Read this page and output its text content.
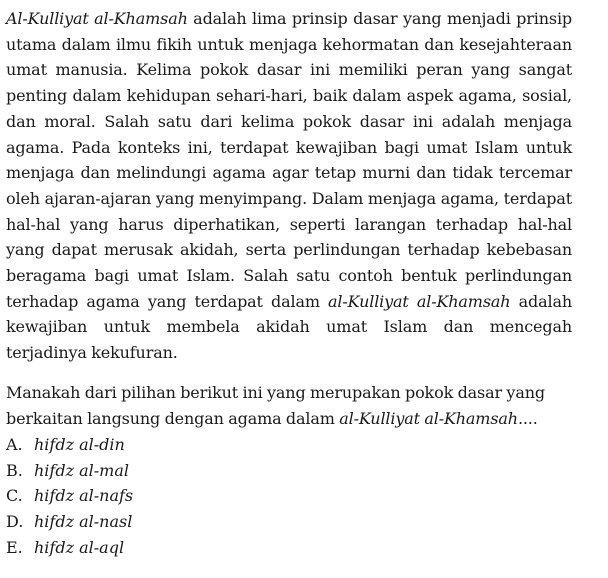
Al-Kulliyat al-Khamsah adalah lima prinsip dasar yang menjadi prinsip utama dalam ilmu fikih untuk menjaga kehormatan dan kesejahteraan umat manusia. Kelima pokok dasar ini memiliki peran yang sangat penting dalam kehidupan sehari-hari, baik dalam aspek agama, sosial, dan moral. Salah satu dari kelima pokok dasar ini adalah menjaga agama. Pada konteks ini, terdapat kewajiban bagi umat Islam untuk menjaga dan melindungi agama agar tetap murni dan tidak tercemar oleh ajaran-ajaran yang menyimpang. Dalam menjaga agama, terdapat hal-hal yang harus diperhatikan, seperti larangan terhadap hal-hal yang dapat merusak akidah, serta perlindungan terhadap kebebasan beragama bagi umat Islam. Salah satu contoh bentuk perlindungan terhadap agama yang terdapat dalam al-Kulliyat al-Khamsah adalah kewajiban untuk membela akidah umat Islam dan mencegah terjadinya kekufuran.

Manakah dari pilihan berikut ini yang merupakan pokok dasar yang berkaitan langsung dengan agama dalam al-Kulliyat al-Khamsah....

A. hifdz al-din
B. hifdz al-mal
C. hifdz al-nafs
D. hifdz al-nasl
E. hifdz al-aql
